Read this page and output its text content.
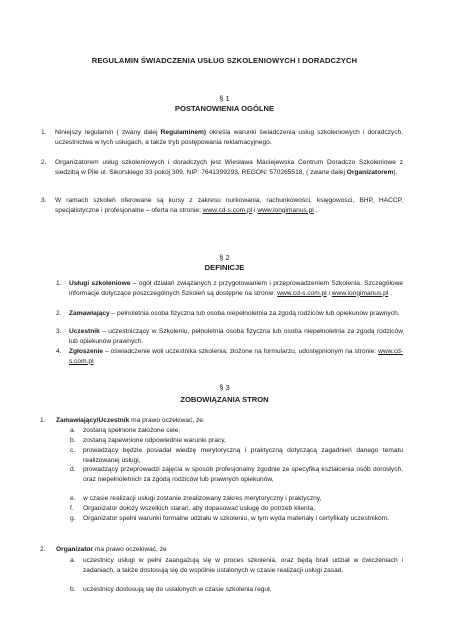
REGULAMIN ŚWIADCZENIA USŁUG SZKOLENIOWYCH I DORADCZYCH
§ 1
POSTANOWIENIA OGÓLNE
1. Niniejszy regulamin ( zwany dalej Regulaminem) określa warunki świadczenia usług szkoleniowych i doradczych, uczestnictwa w tych usługach, a także tryb postępowania reklamacyjnego.
2. Organizatorem usług szkoleniowych i doradczych jest Wiesława Maciejewska Centrum Doradczo Szkoleniowe z siedzibą w Pile ul. Sikorskiego 33 pokój 309, NIP: 7641399293, REGON: 570265518, ( zwane dalej Organizatorem).
3. W ramach szkoleń oferowane są kursy z zakresu nurkowania, rachunkowości, księgowości, BHP, HACCP, specjalistyczne i profesjonalne – oferta na stronie: www.cd-s.com.pl i www.longimanus.pl .
§ 2
DEFINICJE
1. Usługi szkoleniowe – ogół działań związanych z przygotowaniem i przeprowadzeniem Szkolenia. Szczegółowe informacje dotyczące poszczególnych Szkoleń są dostępne na stronie: www.cd-s.com.pl i www.longimanus.pl .
2. Zamawiający – pełnoletnia osoba fizyczna lub osoba niepełnoletnia za zgodą rodziców lub opiekunów prawnych.
3. Uczestnik – uczestniczący w Szkoleniu, pełnoletnia osoba fizyczna lub osoba niepełnoletnia za zgodą rodziców lub opiekunów prawnych.
4. Zgłoszenie – oświadczenie woli uczestnika szkolenia, złożone na formularzu, udostępnionym na stronie: www.cd-s.com.pl
§ 3
ZOBOWIĄZANIA STRON
1. Zamawiający/Uczestnik ma prawo oczekiwać, że:
a. zostaną spełnione założone cele,
b. zostaną zapewnione odpowiednie warunki pracy,
c. prowadzący będzie posiadał wiedzę merytoryczną i praktyczną dotyczącą zagadnień danego tematu realizowanej usługi,
d. prowadzący przeprowadzi zajęcia w sposób profesjonalny zgodnie ze specyfiką kształcenia osób dorosłych, oraz niepełnoletnich za zgodą rodziców lub prawnych opiekunów,
e. w czasie realizacji usługi zostanie zrealizowany zakres merytoryczny i praktyczny,
f. Organizator dołoży wszelkich starań, aby dopasować usługę do potrzeb klienta,
g. Organizator spełni warunki formalne udziału w szkoleniu, w tym wyda materiały i certyfikaty uczestnikom.
2. Organizator ma prawo oczekiwać, że
a. uczestnicy usługi w pełni zaangażują się w proces szkolenia, oraz będą brali udział w ćwiczeniach i zadaniach, a także dostosują się do wspólnie ustalonych w czasie realizacji usługi zasad,
b. uczestnicy dostosują się do ustalonych w czasie szkolenia reguł.
